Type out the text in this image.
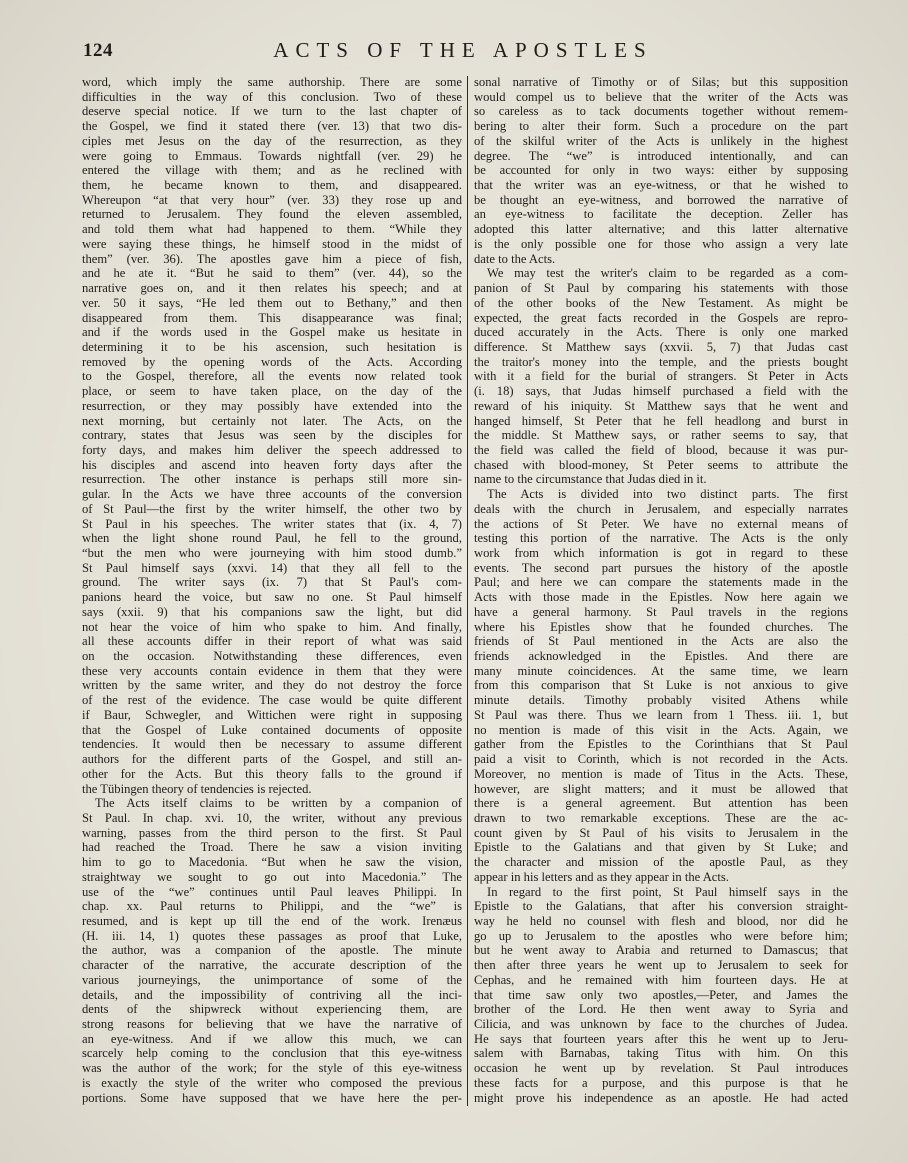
124	ACTS OF THE APOSTLES
word, which imply the same authorship. There are some
difficulties in the way of this conclusion. Two of these
deserve special notice. If we turn to the last chapter of
the Gospel, we find it stated there (ver. 13) that two dis-
ciples met Jesus on the day of the resurrection, as they
were going to Emmaus. Towards nightfall (ver. 29) he
entered the village with them; and as he reclined with
them, he became known to them, and disappeared.
Whereupon “at that very hour” (ver. 33) they rose up and
returned to Jerusalem. They found the eleven assembled,
and told them what had happened to them. “While they
were saying these things, he himself stood in the midst of
them” (ver. 36). The apostles gave him a piece of fish,
and he ate it. “But he said to them” (ver. 44), so the
narrative goes on, and it then relates his speech; and at
ver. 50 it says, “He led them out to Bethany,” and then
disappeared from them. This disappearance was final;
and if the words used in the Gospel make us hesitate in
determining it to be his ascension, such hesitation is
removed by the opening words of the Acts. According
to the Gospel, therefore, all the events now related took
place, or seem to have taken place, on the day of the
resurrection, or they may possibly have extended into the
next morning, but certainly not later. The Acts, on the
contrary, states that Jesus was seen by the disciples for
forty days, and makes him deliver the speech addressed to
his disciples and ascend into heaven forty days after the
resurrection. The other instance is perhaps still more sin-
gular. In the Acts we have three accounts of the conversion
of St Paul—the first by the writer himself, the other two by
St Paul in his speeches. The writer states that (ix. 4, 7)
when the light shone round Paul, he fell to the ground,
“but the men who were journeying with him stood dumb.”
St Paul himself says (xxvi. 14) that they all fell to the
ground. The writer says (ix. 7) that St Paul's com-
panions heard the voice, but saw no one. St Paul himself
says (xxii. 9) that his companions saw the light, but did
not hear the voice of him who spake to him. And finally,
all these accounts differ in their report of what was said
on the occasion. Notwithstanding these differences, even
these very accounts contain evidence in them that they were
written by the same writer, and they do not destroy the force
of the rest of the evidence. The case would be quite different
if Baur, Schwegler, and Wittichen were right in supposing
that the Gospel of Luke contained documents of opposite
tendencies. It would then be necessary to assume different
authors for the different parts of the Gospel, and still an-
other for the Acts. But this theory falls to the ground if
the Tübingen theory of tendencies is rejected.
The Acts itself claims to be written by a companion of
St Paul. In chap. xvi. 10, the writer, without any previous
warning, passes from the third person to the first. St Paul
had reached the Troad. There he saw a vision inviting
him to go to Macedonia. “But when he saw the vision,
straightway we sought to go out into Macedonia.” The
use of the “we” continues until Paul leaves Philippi. In
chap. xx. Paul returns to Philippi, and the “we” is
resumed, and is kept up till the end of the work. Irenæus
(H. iii. 14, 1) quotes these passages as proof that Luke,
the author, was a companion of the apostle. The minute
character of the narrative, the accurate description of the
various journeyings, the unimportance of some of the
details, and the impossibility of contriving all the inci-
dents of the shipwreck without experiencing them, are
strong reasons for believing that we have the narrative of
an eye-witness. And if we allow this much, we can
scarcely help coming to the conclusion that this eye-witness
was the author of the work; for the style of this eye-witness
is exactly the style of the writer who composed the previous
portions. Some have supposed that we have here the per-
sonal narrative of Timothy or of Silas; but this supposition
would compel us to believe that the writer of the Acts was
so careless as to tack documents together without remem-
bering to alter their form. Such a procedure on the part
of the skilful writer of the Acts is unlikely in the highest
degree. The “we” is introduced intentionally, and can
be accounted for only in two ways: either by supposing
that the writer was an eye-witness, or that he wished to
be thought an eye-witness, and borrowed the narrative of
an eye-witness to facilitate the deception. Zeller has
adopted this latter alternative; and this latter alternative
is the only possible one for those who assign a very late
date to the Acts.
We may test the writer's claim to be regarded as a com-
panion of St Paul by comparing his statements with those
of the other books of the New Testament. As might be
expected, the great facts recorded in the Gospels are repro-
duced accurately in the Acts. There is only one marked
difference. St Matthew says (xxvii. 5, 7) that Judas cast
the traitor's money into the temple, and the priests bought
with it a field for the burial of strangers. St Peter in Acts
(i. 18) says, that Judas himself purchased a field with the
reward of his iniquity. St Matthew says that he went and
hanged himself, St Peter that he fell headlong and burst in
the middle. St Matthew says, or rather seems to say, that
the field was called the field of blood, because it was pur-
chased with blood-money, St Peter seems to attribute the
name to the circumstance that Judas died in it.
The Acts is divided into two distinct parts. The first
deals with the church in Jerusalem, and especially narrates
the actions of St Peter. We have no external means of
testing this portion of the narrative. The Acts is the only
work from which information is got in regard to these
events. The second part pursues the history of the apostle
Paul; and here we can compare the statements made in the
Acts with those made in the Epistles. Now here again we
have a general harmony. St Paul travels in the regions
where his Epistles show that he founded churches. The
friends of St Paul mentioned in the Acts are also the
friends acknowledged in the Epistles. And there are
many minute coincidences. At the same time, we learn
from this comparison that St Luke is not anxious to give
minute details. Timothy probably visited Athens while
St Paul was there. Thus we learn from 1 Thess. iii. 1, but
no mention is made of this visit in the Acts. Again, we
gather from the Epistles to the Corinthians that St Paul
paid a visit to Corinth, which is not recorded in the Acts.
Moreover, no mention is made of Titus in the Acts. These,
however, are slight matters; and it must be allowed that
there is a general agreement. But attention has been
drawn to two remarkable exceptions. These are the ac-
count given by St Paul of his visits to Jerusalem in the
Epistle to the Galatians and that given by St Luke; and
the character and mission of the apostle Paul, as they
appear in his letters and as they appear in the Acts.
In regard to the first point, St Paul himself says in the
Epistle to the Galatians, that after his conversion straight-
way he held no counsel with flesh and blood, nor did he
go up to Jerusalem to the apostles who were before him;
but he went away to Arabia and returned to Damascus; that
then after three years he went up to Jerusalem to seek for
Cephas, and he remained with him fourteen days. He at
that time saw only two apostles,—Peter, and James the
brother of the Lord. He then went away to Syria and
Cilicia, and was unknown by face to the churches of Judea.
He says that fourteen years after this he went up to Jeru-
salem with Barnabas, taking Titus with him. On this
occasion he went up by revelation. St Paul introduces
these facts for a purpose, and this purpose is that he
might prove his independence as an apostle. He had acted
